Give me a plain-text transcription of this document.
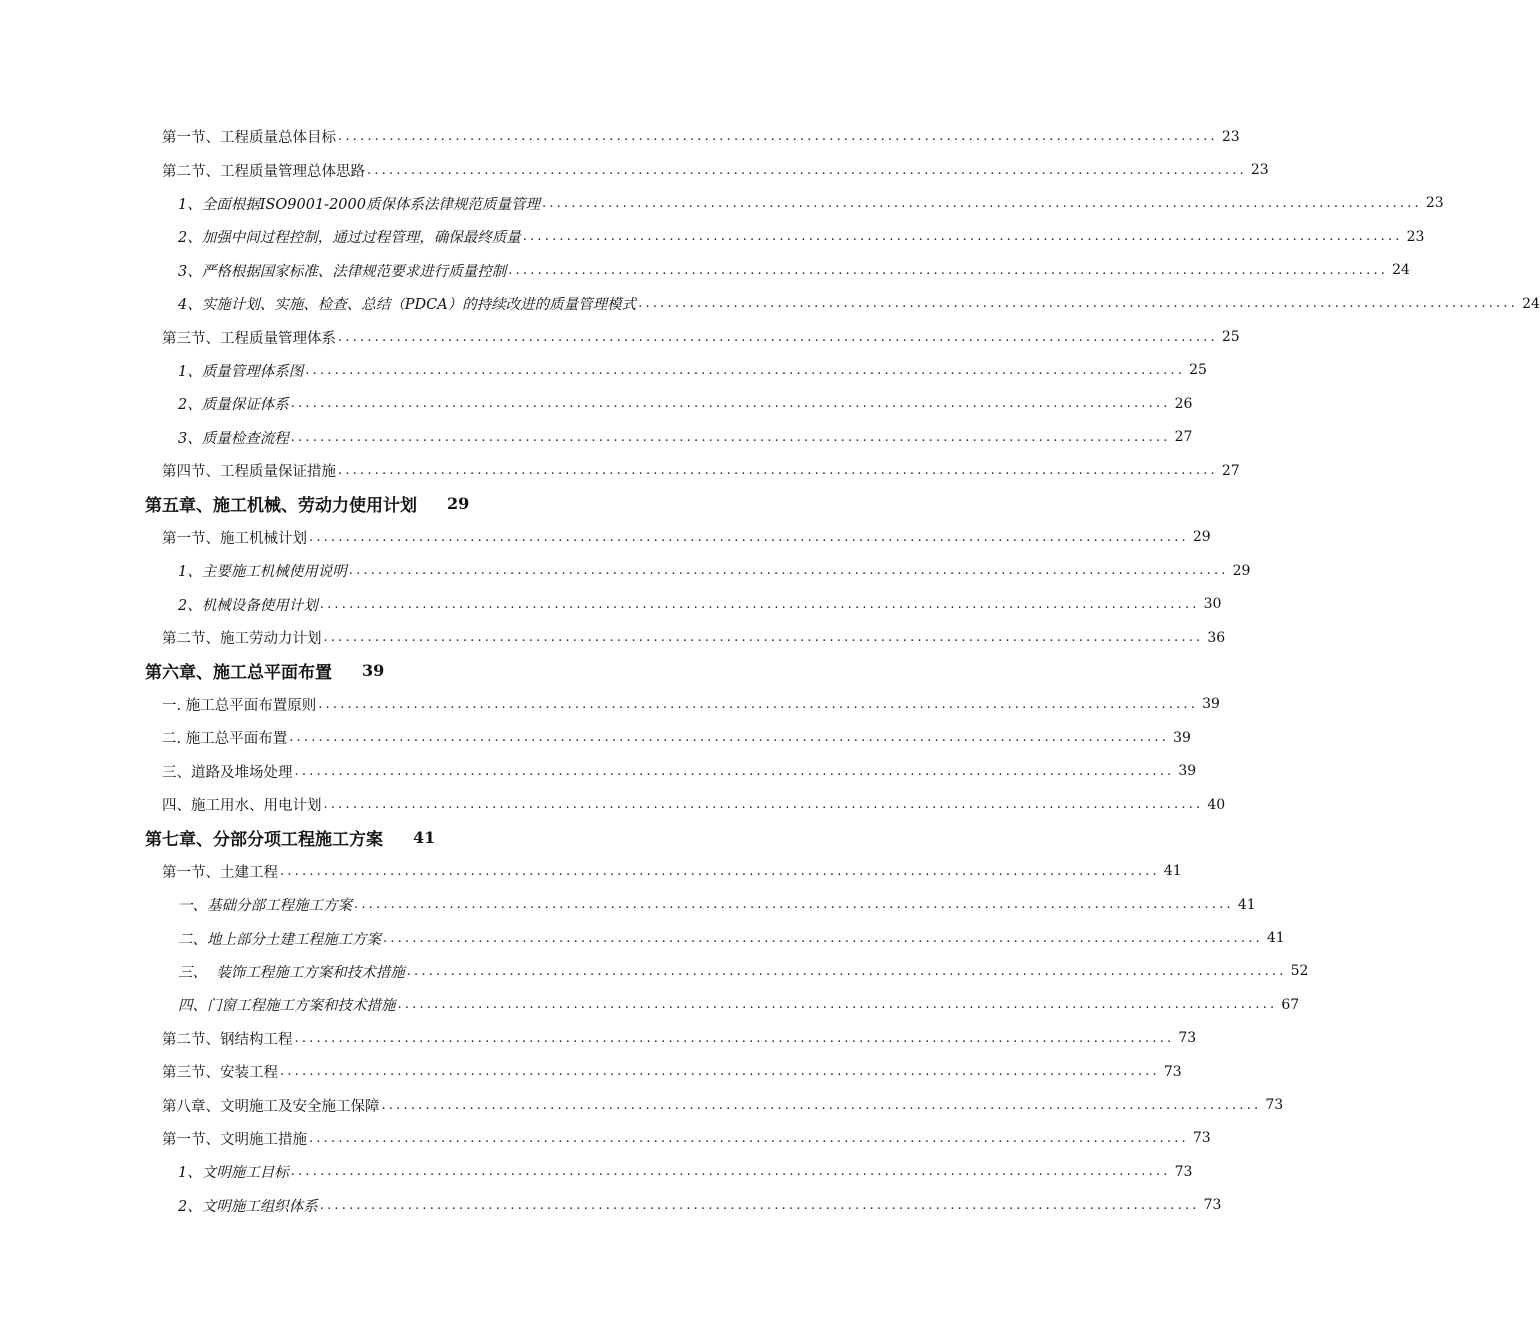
第一节、工程质量总体目标 ........................................................................................................................ 23
第二节、工程质量管理总体思路 ........................................................................................................................ 23
1、全面根据ISO9001-2000质保体系法律规范质量管理 ........................................................................................................................ 23
2、加强中间过程控制，通过过程管理，确保最终质量 ........................................................................................................................ 23
3、严格根据国家标准、法律规范要求进行质量控制 ........................................................................................................................ 24
4、实施计划、实施、检查、总结（PDCA）的持续改进的质量管理模式 ........................................................................................................................ 24
第三节、工程质量管理体系 ........................................................................................................................ 25
1、质量管理体系图 ........................................................................................................................ 25
2、质量保证体系 ........................................................................................................................ 26
3、质量检查流程 ........................................................................................................................ 27
第四节、工程质量保证措施 ........................................................................................................................ 27
第五章、施工机械、劳动力使用计划 29
第一节、施工机械计划 ........................................................................................................................ 29
1、主要施工机械使用说明 ........................................................................................................................ 29
2、机械设备使用计划 ........................................................................................................................ 30
第二节、施工劳动力计划 ........................................................................................................................ 36
第六章、施工总平面布置 39
一. 施工总平面布置原则 ........................................................................................................................ 39
二. 施工总平面布置 ........................................................................................................................ 39
三、道路及堆场处理 ........................................................................................................................ 39
四、施工用水、用电计划 ........................................................................................................................ 40
第七章、分部分项工程施工方案 41
第一节、土建工程 ........................................................................................................................ 41
一、基础分部工程施工方案 ........................................................................................................................ 41
二、地上部分土建工程施工方案 ........................................................................................................................ 41
三、  装饰工程施工方案和技术措施 ........................................................................................................................ 52
四、门窗工程施工方案和技术措施 ........................................................................................................................ 67
第二节、钢结构工程 ........................................................................................................................ 73
第三节、安装工程 ........................................................................................................................ 73
第八章、文明施工及安全施工保障 ........................................................................................................................ 73
第一节、文明施工措施 ........................................................................................................................ 73
1、文明施工目标 ........................................................................................................................ 73
2、文明施工组织体系 ........................................................................................................................ 73
